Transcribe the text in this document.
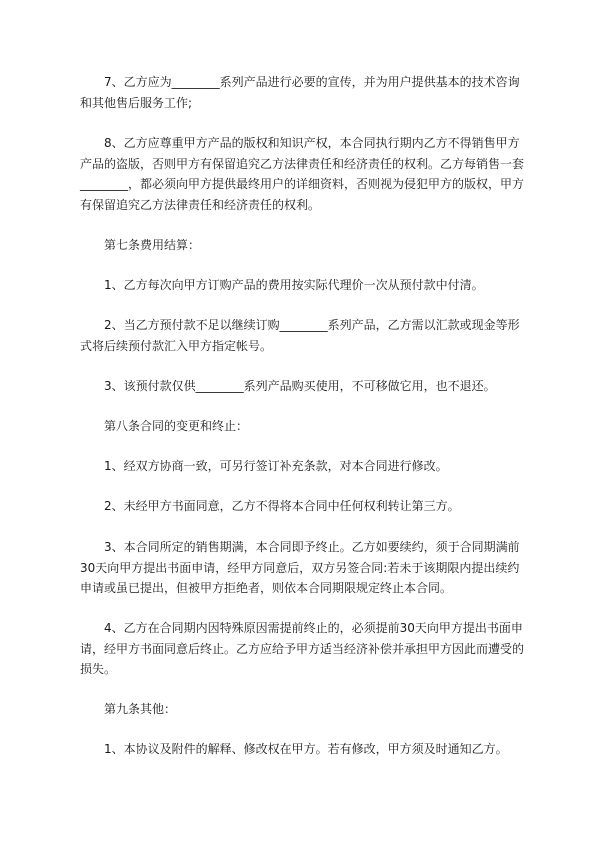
7、乙方应为________系列产品进行必要的宣传，并为用户提供基本的技术咨询和其他售后服务工作;

8、乙方应尊重甲方产品的版权和知识产权，本合同执行期内乙方不得销售甲方产品的盗版，否则甲方有保留追究乙方法律责任和经济责任的权利。乙方每销售一套________，都必须向甲方提供最终用户的详细资料，否则视为侵犯甲方的版权，甲方有保留追究乙方法律责任和经济责任的权利。

第七条费用结算：

1、乙方每次向甲方订购产品的费用按实际代理价一次从预付款中付清。

2、当乙方预付款不足以继续订购________系列产品，乙方需以汇款或现金等形式将后续预付款汇入甲方指定帐号。

3、该预付款仅供________系列产品购买使用，不可移做它用，也不退还。

第八条合同的变更和终止：

1、经双方协商一致，可另行签订补充条款，对本合同进行修改。

2、未经甲方书面同意，乙方不得将本合同中任何权利转让第三方。

3、本合同所定的销售期满，本合同即予终止。乙方如要续约，须于合同期满前30天向甲方提出书面申请，经甲方同意后，双方另签合同:若未于该期限内提出续约申请或虽已提出，但被甲方拒绝者，则依本合同期限规定终止本合同。

4、乙方在合同期内因特殊原因需提前终止的，必须提前30天向甲方提出书面申请，经甲方书面同意后终止。乙方应给予甲方适当经济补偿并承担甲方因此而遭受的损失。

第九条其他：

1、本协议及附件的解释、修改权在甲方。若有修改，甲方须及时通知乙方。
